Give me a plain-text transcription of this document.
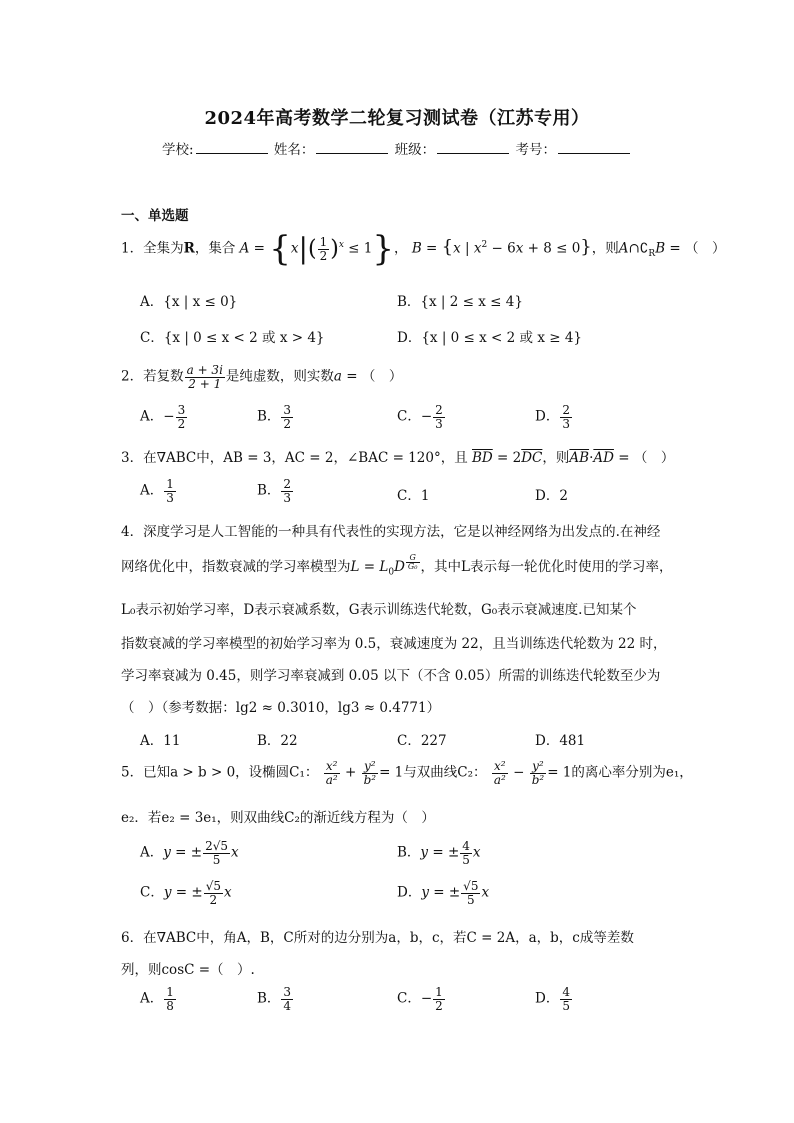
2024年高考数学二轮复习测试卷（江苏专用）
学校:	姓名：	班级：	考号：
一、单选题
1．全集为R，集合 $A = \{x|( \frac{1}{2} )^x \le 1\}$， B = {x | $x^2 - 6x + 8 \le 0$}，则$A\cap∁_RB$ = （　）
A．{x | x ≤ 0}	B．{x | 2 ≤ x ≤ 4}
C．{x | 0 ≤ x < 2 或 x > 4}	D．{x | 0 ≤ x < 2 或 x ≥ 4}
2．若复数 $\frac{a + 3i}{2 + 1}$ 是纯虚数，则实数a = （　）
A．− $\frac{3}{2}$	B． $\frac{3}{2}$	C．− $\frac{2}{3}$	D． $\frac{2}{3}$
3．在∇ABC中，AB = 3，AC = 2，∠BAC = 120°，且 $\overline{BD} = 2\overline{DC}$，则$\overline{AB}\cdot\overline{AD}$ = （　）
A． $\frac{1}{3}$	B． $\frac{2}{3}$	C．1	D．2
4．深度学习是人工智能的一种具有代表性的实现方法，它是以神经网络为出发点的.在神经
网络优化中，指数衰减的学习率模型为$L = L_0D$ $^{\frac{G}{\text{G₀}}}$ ，其中L表示每一轮优化时使用的学习率，
L₀表示初始学习率，D表示衰减系数，G表示训练迭代轮数，G₀表示衰减速度.已知某个
指数衰减的学习率模型的初始学习率为 0.5，衰减速度为 22，且当训练迭代轮数为 22 时，
学习率衰减为 0.45，则学习率衰减到 0.05 以下（不含 0.05）所需的训练迭代轮数至少为
（　）（参考数据：lg2 ≈ 0.3010，lg3 ≈ 0.4771）
A．11	B．22	C．227	D．481
5．已知a > b > 0，设椭圆C₁： $\frac{\text{x²}}{\text{a²}} + \frac{\text{y²}}{\text{b²}} = 1$与双曲线C₂： $\frac{\text{x²}}{\text{a²}} - \frac{\text{y²}}{\text{b²}} = 1$的离心率分别为e₁，
e₂．若e₂ = 3e₁，则双曲线C₂的渐近线方程为（　）
A．y = ± $\frac{2√5}{5}$ x	B．y = ± $\frac{4}{5}$ x
C．y = ± $\frac{√5}{2}$ x	D．y = ± $\frac{√5}{5}$ x
6．在∇ABC中，角A，B，C所对的边分别为a，b，c，若C = 2A，a，b，c成等差数
列，则cosC =（　）.
A． $\frac{1}{8}$	B． $\frac{3}{4}$	C．− $\frac{1}{2}$	D． $\frac{4}{5}$
